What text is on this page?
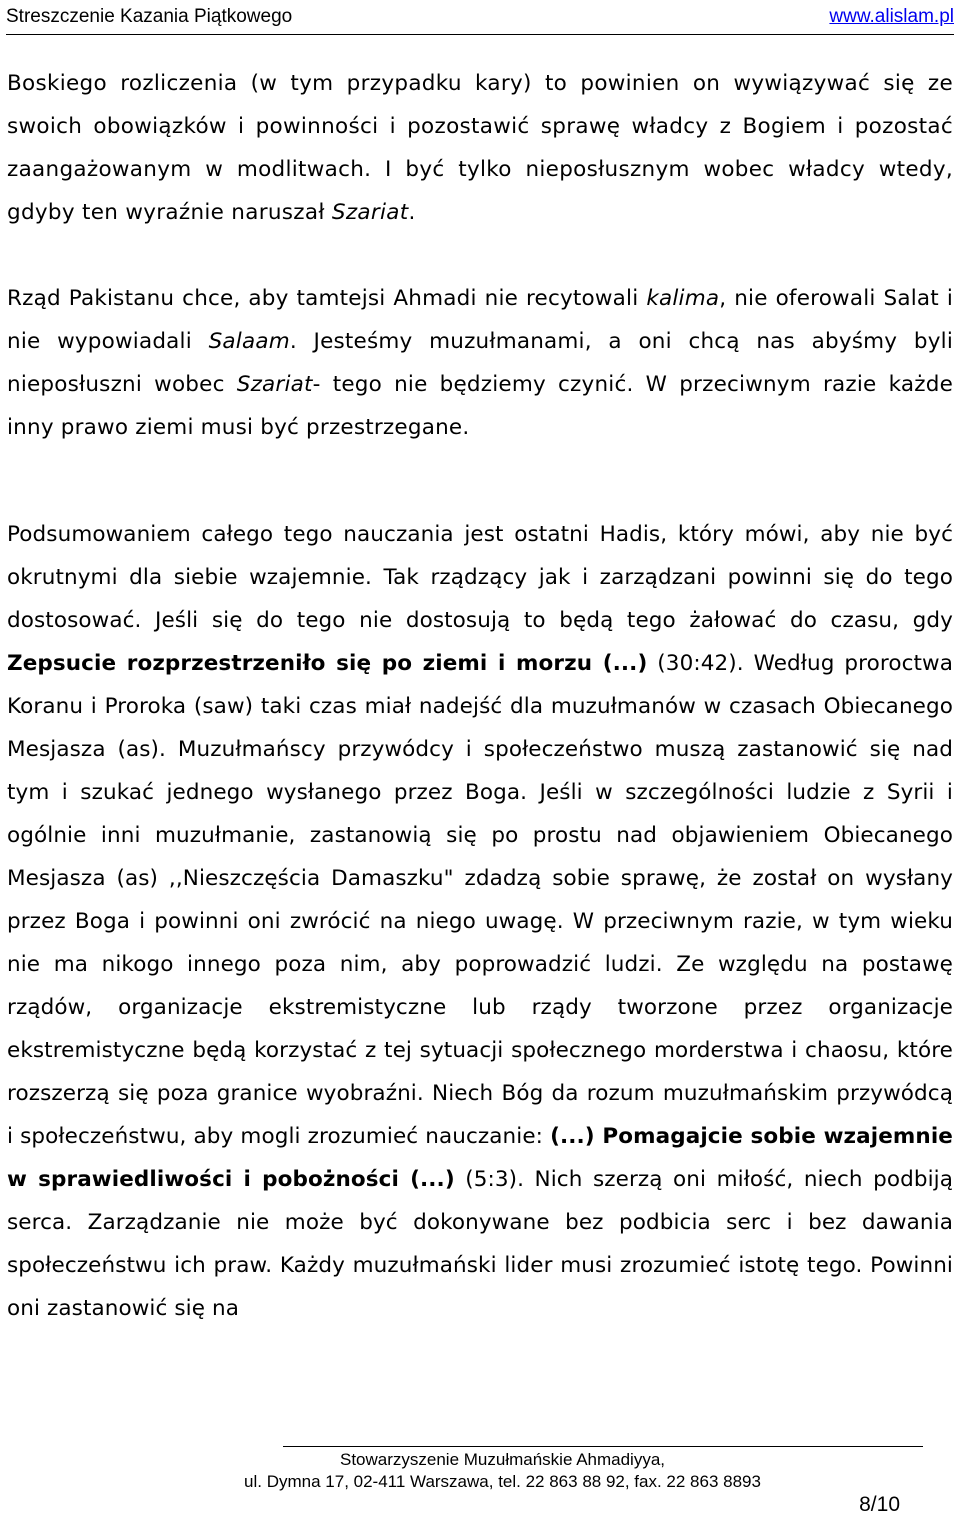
Streszczenie Kazania Piątkowego	www.alislam.pl

Boskiego rozliczenia (w tym przypadku kary) to powinien on wywiązywać się ze swoich obowiązków i powinności i pozostawić sprawę władcy z Bogiem i pozostać zaangażowanym w modlitwach. I być tylko nieposłusznym wobec władcy wtedy, gdyby ten wyraźnie naruszał Szariat.

Rząd Pakistanu chce, aby tamtejsi Ahmadi nie recytowali kalima, nie oferowali Salat i nie wypowiadali Salaam. Jesteśmy muzułmanami, a oni chcą nas abyśmy byli nieposłuszni wobec Szariat- tego nie będziemy czynić. W przeciwnym razie każde inny prawo ziemi musi być przestrzegane.

Podsumowaniem całego tego nauczania jest ostatni Hadis, który mówi, aby nie być okrutnymi dla siebie wzajemnie. Tak rządzący jak i zarządzani powinni się do tego dostosować. Jeśli się do tego nie dostosują to będą tego żałować do czasu, gdy Zepsucie rozprzestrzeniło się po ziemi i morzu (...) (30:42). Według proroctwa Koranu i Proroka (saw) taki czas miał nadejść dla muzułmanów w czasach Obiecanego Mesjasza (as). Muzułmańscy przywódcy i społeczeństwo muszą zastanowić się nad tym i szukać jednego wysłanego przez Boga. Jeśli w szczególności ludzie z Syrii i ogólnie inni muzułmanie, zastanowią się po prostu nad objawieniem Obiecanego Mesjasza (as) ,,Nieszczęścia Damaszku" zdadzą sobie sprawę, że został on wysłany przez Boga i powinni oni zwrócić na niego uwagę. W przeciwnym razie, w tym wieku nie ma nikogo innego poza nim, aby poprowadzić ludzi. Ze względu na postawę rządów, organizacje ekstremistyczne lub rządy tworzone przez organizacje ekstremistyczne będą korzystać z tej sytuacji społecznego morderstwa i chaosu, które rozszerzą się poza granice wyobraźni. Niech Bóg da rozum muzułmańskim przywódcą i społeczeństwu, aby mogli zrozumieć nauczanie: (...) Pomagajcie sobie wzajemnie w sprawiedliwości i pobożności (...) (5:3). Nich szerzą oni miłość, niech podbiją serca. Zarządzanie nie może być dokonywane bez podbicia serc i bez dawania społeczeństwu ich praw. Każdy muzułmański lider musi zrozumieć istotę tego. Powinni oni zastanowić się na

Stowarzyszenie Muzułmańskie Ahmadiyya,
ul. Dymna 17, 02-411 Warszawa, tel. 22 863 88 92, fax. 22 863 8893
8/10
